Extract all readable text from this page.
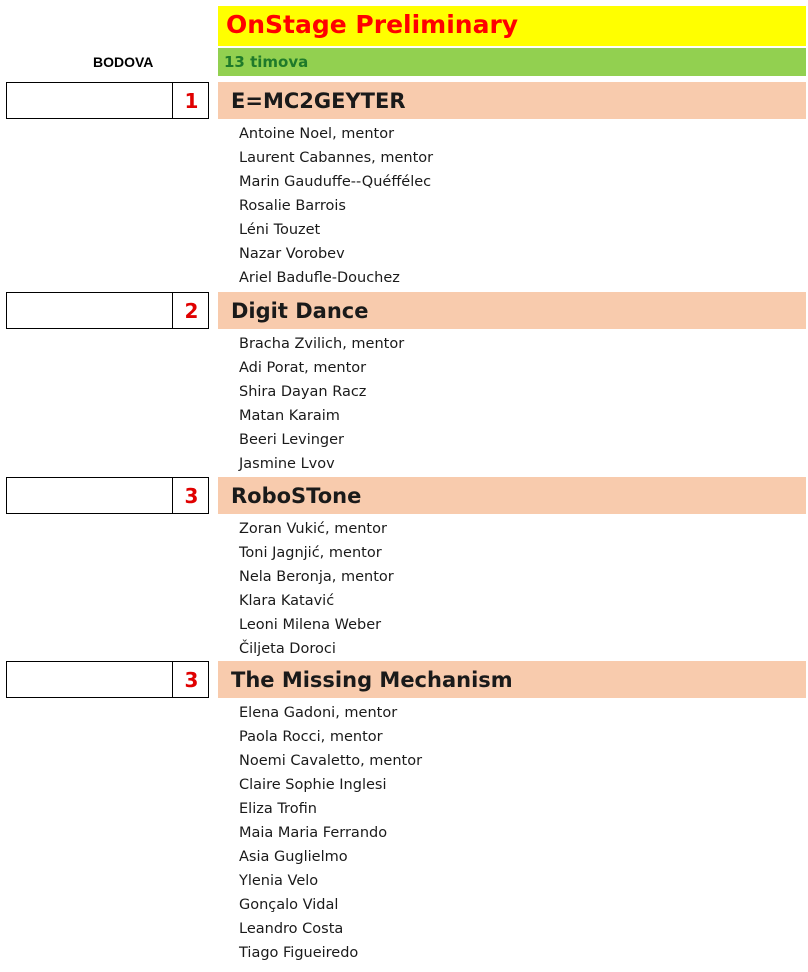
OnStage Preliminary
BODOVA	13 timova
1	E=MC2GEYTER
Antoine Noel, mentor
Laurent Cabannes, mentor
Marin Gauduffe--Quéffélec
Rosalie Barrois
Léni Touzet
Nazar Vorobev
Ariel Badufle-Douchez
2	Digit Dance
Bracha Zvilich, mentor
Adi Porat, mentor
Shira Dayan Racz
Matan Karaim
Beeri Levinger
Jasmine Lvov
3	RoboSTone
Zoran Vukić, mentor
Toni Jagnjić, mentor
Nela Beronja, mentor
Klara Katavić
Leoni Milena Weber
Čiljeta Doroci
3	The Missing Mechanism
Elena Gadoni, mentor
Paola Rocci, mentor
Noemi Cavaletto, mentor
Claire Sophie Inglesi
Eliza Trofin
Maia Maria Ferrando
Asia Guglielmo
Ylenia Velo
Gonçalo Vidal
Leandro Costa
Tiago Figueiredo
